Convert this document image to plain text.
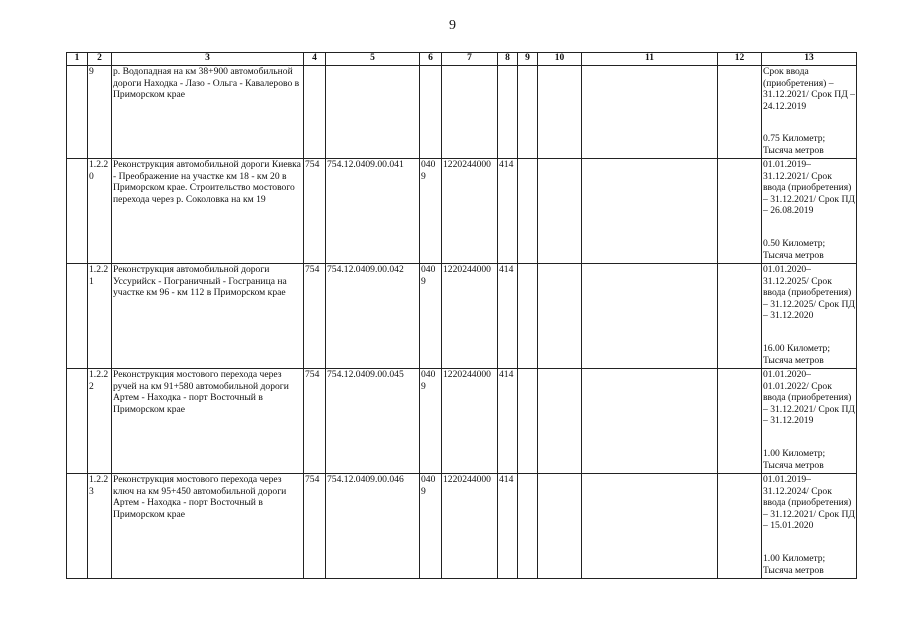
9
1	2	3	4	5	6	7	8	9	10	11	12	13
	9	р. Водопадная на км 38+900 автомобильной дороги Находка - Лазо - Ольга - Кавалерово в Приморском крае										Срок ввода (приобретения) – 31.12.2021/ Срок ПД – 24.12.2019
0.75 Километр; Тысяча метров
	1.2.2 0	Реконструкция автомобильной дороги Киевка - Преображение на участке км 18 - км 20 в Приморском крае. Строительство мостового перехода через р. Соколовка на км 19	754	754.12.0409.00.041	0409	1220244000	414					01.01.2019–31.12.2021/ Срок ввода (приобретения) – 31.12.2021/ Срок ПД – 26.08.2019
0.50 Километр; Тысяча метров
	1.2.2 1	Реконструкция автомобильной дороги Уссурийск - Пограничный - Госграница на участке км 96 - км 112 в Приморском крае	754	754.12.0409.00.042	0409	1220244000	414					01.01.2020–31.12.2025/ Срок ввода (приобретения) – 31.12.2025/ Срок ПД – 31.12.2020
16.00 Километр; Тысяча метров
	1.2.2 2	Реконструкция мостового перехода через ручей на км 91+580 автомобильной дороги Артем - Находка - порт Восточный в Приморском крае	754	754.12.0409.00.045	0409	1220244000	414					01.01.2020–01.01.2022/ Срок ввода (приобретения) – 31.12.2021/ Срок ПД – 31.12.2019
1.00 Километр; Тысяча метров
	1.2.2 3	Реконструкция мостового перехода через ключ на км 95+450 автомобильной дороги Артем - Находка - порт Восточный в Приморском крае	754	754.12.0409.00.046	0409	1220244000	414					01.01.2019–31.12.2024/ Срок ввода (приобретения) – 31.12.2021/ Срок ПД – 15.01.2020
1.00 Километр; Тысяча метров
